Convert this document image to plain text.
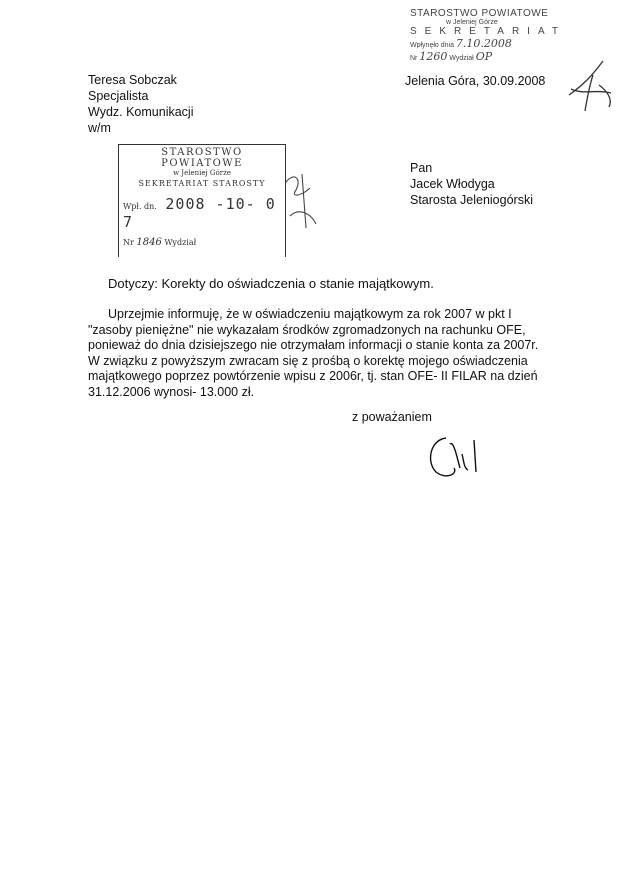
STAROSTWO POWIATOWE
w Jeleniej Górze
SEKRETARIAT
Wpłynęło dnia 7.10.2008
Nr 1260 Wydział OP
Teresa Sobczak
Specjalista
Wydz. Komunikacji
w/m
Jelenia Góra, 30.09.2008
STAROSTWO POWIATOWE
w Jeleniej Górze
SEKRETARIAT STAROSTY
Wpł. dn. 2008 -10- 0 7
Nr 1846 Wydział
Pan
Jacek Włodyga
Starosta Jeleniogórski
Dotyczy: Korekty do oświadczenia o stanie majątkowym.
Uprzejmie informuję, że w oświadczeniu majątkowym za rok 2007 w pkt I
"zasoby pieniężne" nie wykazałam środków zgromadzonych na rachunku OFE,
ponieważ do dnia dzisiejszego nie otrzymałam informacji o stanie konta za 2007r.
W związku z powyższym zwracam się z prośbą o korektę mojego oświadczenia
majątkowego poprzez powtórzenie wpisu z 2006r, tj. stan OFE- II FILAR na dzień
31.12.2006 wynosi- 13.000 zł.
z poważaniem
